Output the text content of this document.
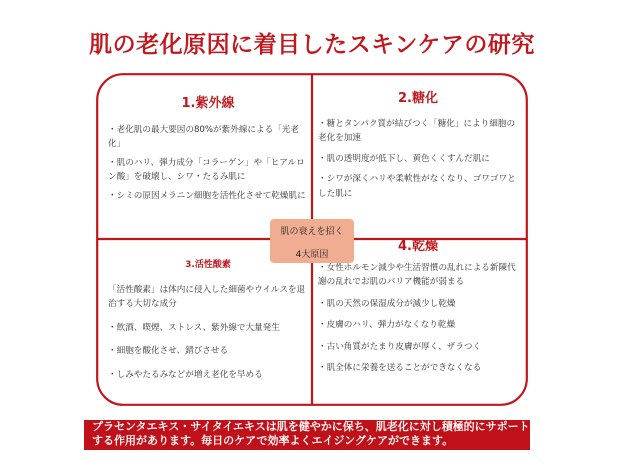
肌の老化原因に着目したスキンケアの研究
1.紫外線
・老化肌の最大要因の80%が紫外線による「光老化」
・肌のハリ、弾力成分「コラーゲン」や「ヒアルロン酸」を破壊し、シワ・たるみ肌に
・シミの原因メラニン細胞を活性化させて乾燥肌に
2.糖化
・糖とタンパク質が結びつく「糖化」により細胞の老化を加速
・肌の透明度が低下し、黄色くくすんだ肌に
・シワが深くハリや柔軟性がなくなり、ゴワゴワとした肌に
3.活性酸素
「活性酸素」は体内に侵入した細菌やウイルスを退治する大切な成分
・飲酒、喫煙、ストレス、紫外線で大量発生
・細胞を酸化させ、錆びさせる
・しみやたるみなどが増え老化を早める
4.乾燥
・女性ホルモン減少や生活習慣の乱れによる新陳代謝の乱れでお肌のバリア機能が弱まる
・肌の天然の保湿成分が減少し乾燥
・皮膚のハリ、弾力がなくなり乾燥
・古い角質がたまり皮膚が厚く、ザラつく
・肌全体に栄養を送ることができなくなる
肌の衰えを招く
4大原因
プラセンタエキス・サイタイエキスは肌を健やかに保ち、肌老化に対し積極的にサポートする作用があります。毎日のケアで効率よくエイジングケアができます。
